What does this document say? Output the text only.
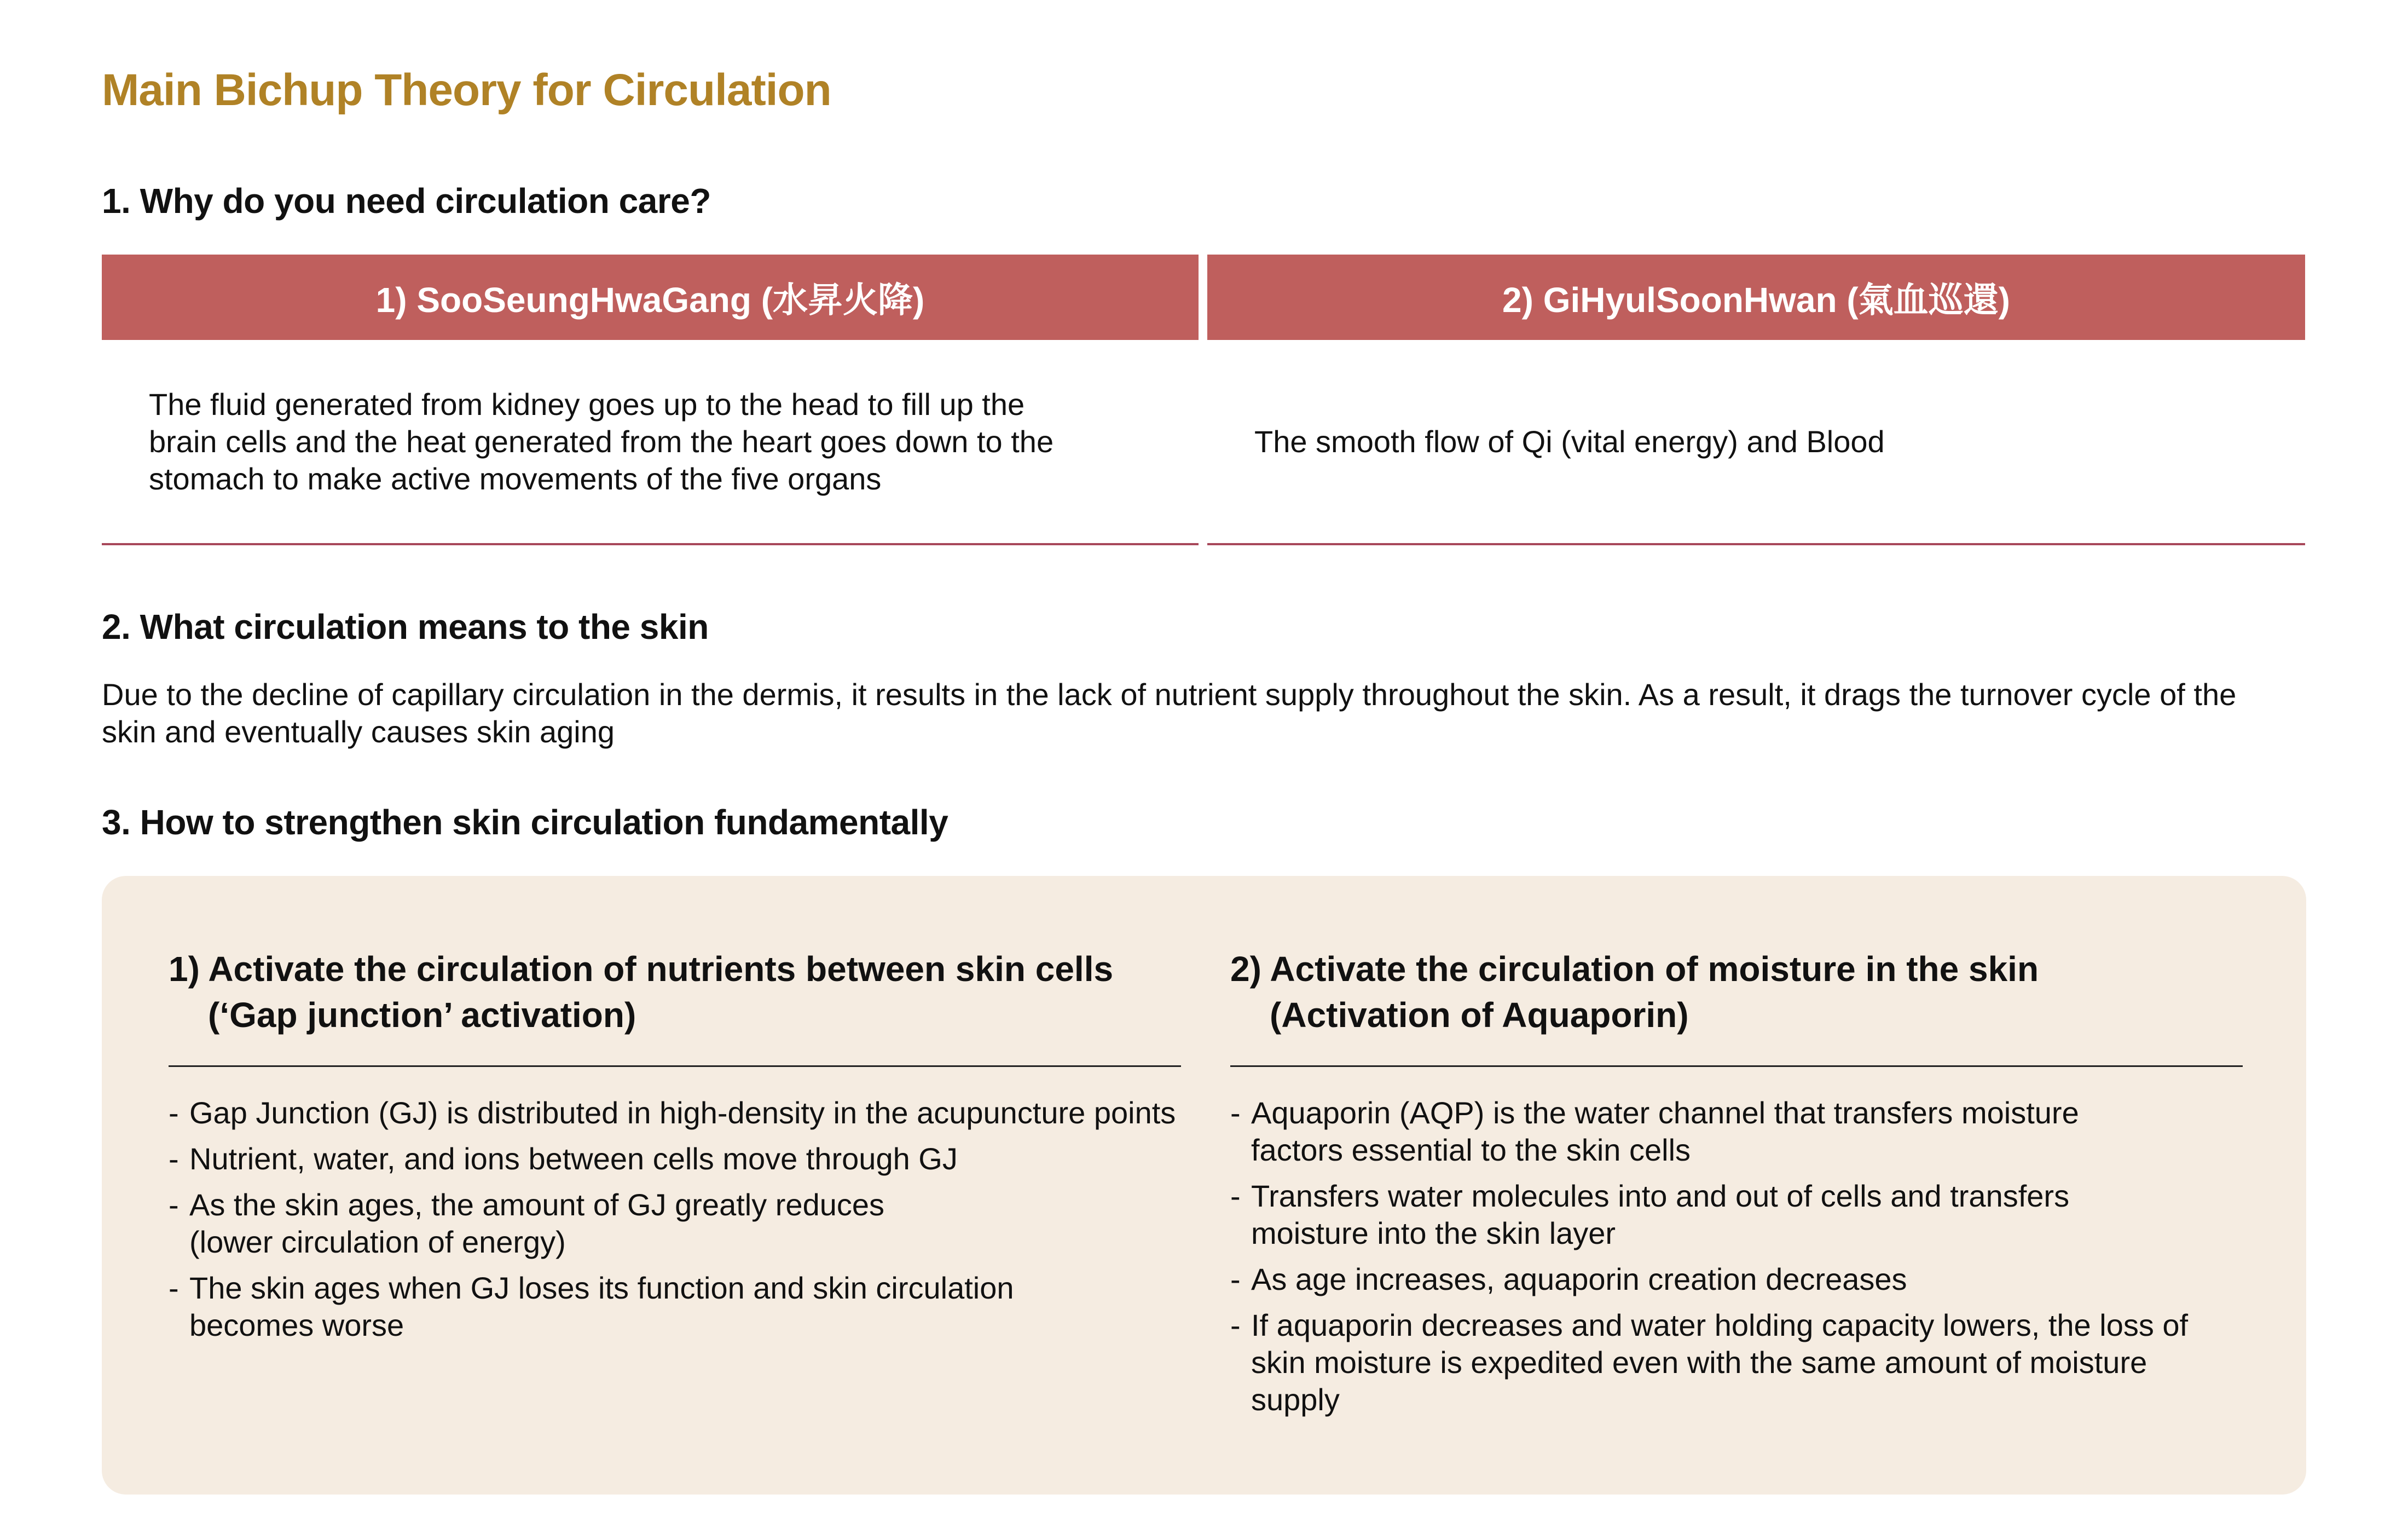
Main Bichup Theory for Circulation
1. Why do you need circulation care?
1) SooSeungHwaGang (水昇火降)
The fluid generated from kidney goes up to the head to fill up the brain cells and the heat generated from the heart goes down to the stomach to make active movements of the five organs
2) GiHyulSoonHwan (氣血巡還)
The smooth flow of Qi (vital energy) and Blood
2. What circulation means to the skin
Due to the decline of capillary circulation in the dermis, it results in the lack of nutrient supply throughout the skin. As a result, it drags the turnover cycle of the skin and eventually causes skin aging
3. How to strengthen skin circulation fundamentally
1) Activate the circulation of nutrients between skin cells
(‘Gap junction’ activation)
- Gap Junction (GJ) is distributed in high-density in the acupuncture points
- Nutrient, water, and ions between cells move through GJ
- As the skin ages, the amount of GJ greatly reduces (lower circulation of energy)
- The skin ages when GJ loses its function and skin circulation becomes worse
2) Activate the circulation of moisture in the skin
(Activation of Aquaporin)
- Aquaporin (AQP) is the water channel that transfers moisture factors essential to the skin cells
- Transfers water molecules into and out of cells and transfers moisture into the skin layer
- As age increases, aquaporin creation decreases
- If aquaporin decreases and water holding capacity lowers, the loss of skin moisture is expedited even with the same amount of moisture supply
